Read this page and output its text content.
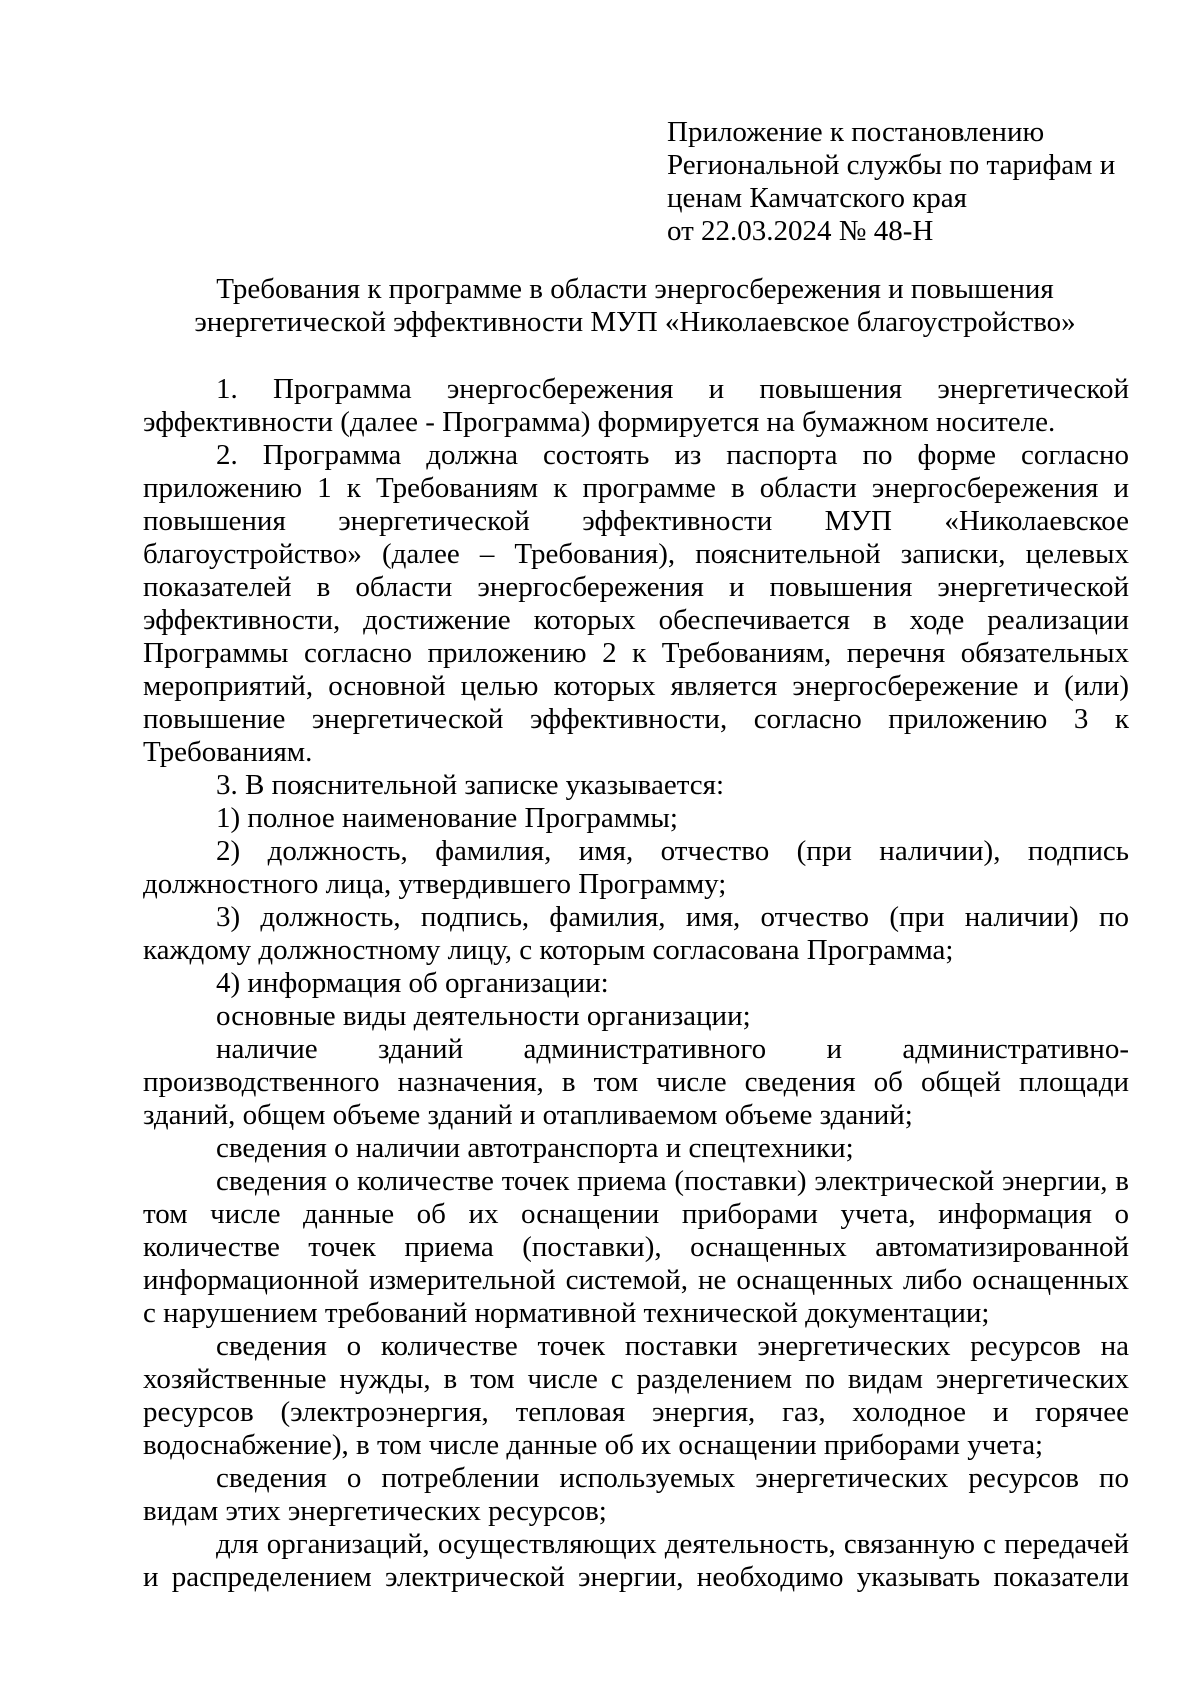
Приложение к постановлению
Региональной службы по тарифам и
ценам Камчатского края
от 22.03.2024 № 48-Н
Требования к программе в области энергосбережения и повышения
энергетической эффективности МУП «Николаевское благоустройство»

1. Программа энергосбережения и повышения энергетической эффективности (далее - Программа) формируется на бумажном носителе.

2. Программа должна состоять из паспорта по форме согласно приложению 1 к Требованиям к программе в области энергосбережения и повышения энергетической эффективности МУП «Николаевское благоустройство» (далее – Требования), пояснительной записки, целевых показателей в области энергосбережения и повышения энергетической эффективности, достижение которых обеспечивается в ходе реализации Программы согласно приложению 2 к Требованиям, перечня обязательных мероприятий, основной целью которых является энергосбережение и (или) повышение энергетической эффективности, согласно приложению 3 к Требованиям.

3. В пояснительной записке указывается:

1) полное наименование Программы;

2) должность, фамилия, имя, отчество (при наличии), подпись должностного лица, утвердившего Программу;

3) должность, подпись, фамилия, имя, отчество (при наличии) по каждому должностному лицу, с которым согласована Программа;

4) информация об организации:

основные виды деятельности организации;

наличие зданий административного и административно-производственного назначения, в том числе сведения об общей площади зданий, общем объеме зданий и отапливаемом объеме зданий;

сведения о наличии автотранспорта и спецтехники;

сведения о количестве точек приема (поставки) электрической энергии, в том числе данные об их оснащении приборами учета, информация о количестве точек приема (поставки), оснащенных автоматизированной информационной измерительной системой, не оснащенных либо оснащенных с нарушением требований нормативной технической документации;

сведения о количестве точек поставки энергетических ресурсов на хозяйственные нужды, в том числе с разделением по видам энергетических ресурсов (электроэнергия, тепловая энергия, газ, холодное и горячее водоснабжение), в том числе данные об их оснащении приборами учета;

сведения о потреблении используемых энергетических ресурсов по видам этих энергетических ресурсов;

для организаций, осуществляющих деятельность, связанную с передачей и распределением электрической энергии, необходимо указывать показатели
